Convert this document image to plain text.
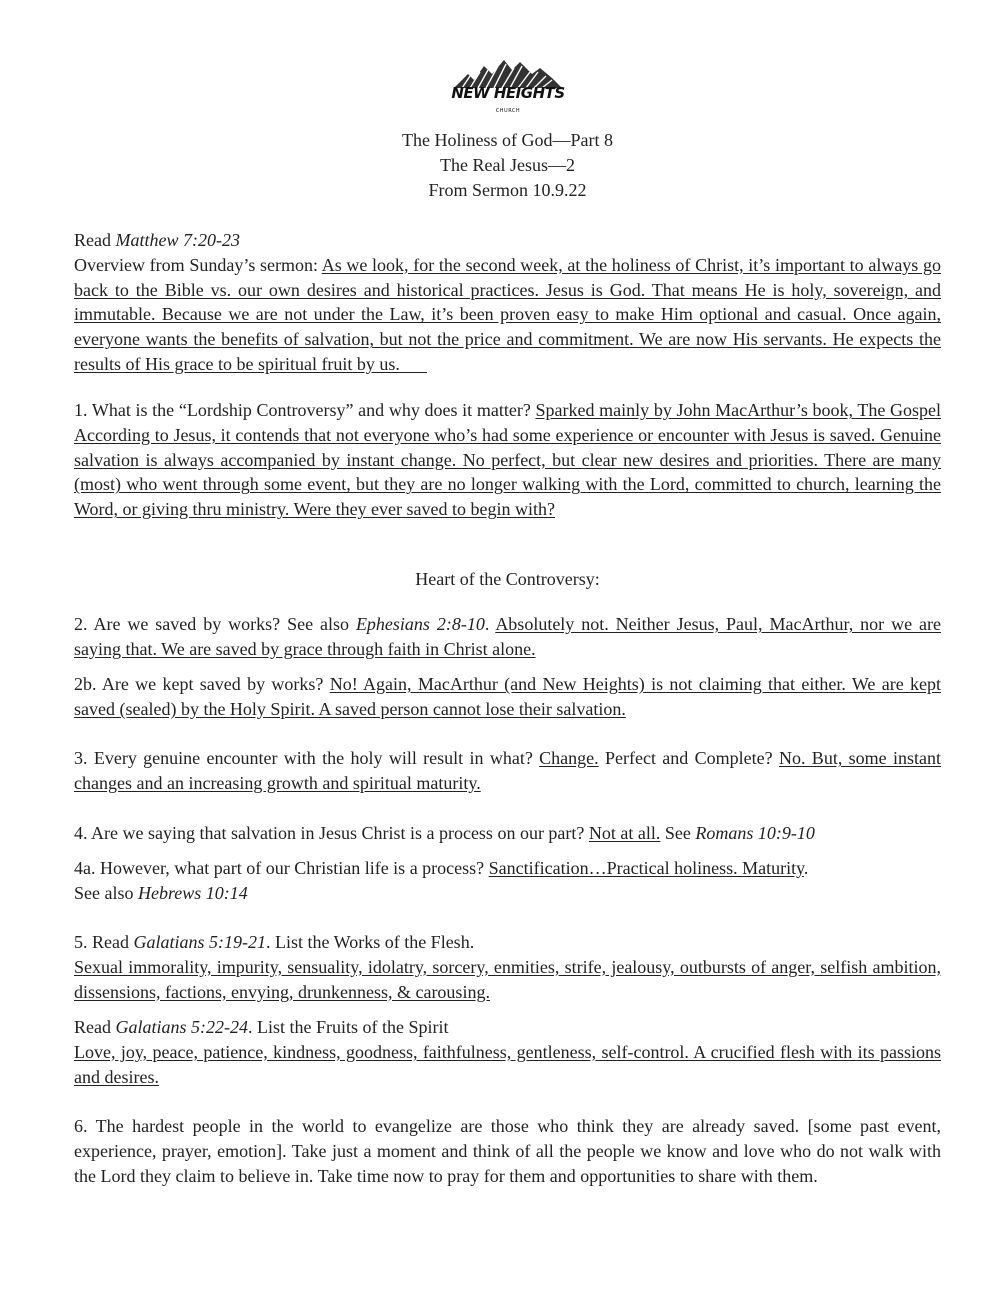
NEW HEIGHTS
CHURCH
The Holiness of God—Part 8
The Real Jesus—2
From Sermon 10.9.22

Read Matthew 7:20-23

Overview from Sunday’s sermon: As we look, for the second week, at the holiness of Christ, it’s important to always go back to the Bible vs. our own desires and historical practices. Jesus is God. That means He is holy, sovereign, and immutable. Because we are not under the Law, it’s been proven easy to make Him optional and casual. Once again, everyone wants the benefits of salvation, but not the price and commitment. We are now His servants. He expects the results of His grace to be spiritual fruit by us.

1. What is the “Lordship Controversy” and why does it matter? Sparked mainly by John MacArthur’s book, The Gospel According to Jesus, it contends that not everyone who’s had some experience or encounter with Jesus is saved. Genuine salvation is always accompanied by instant change. No perfect, but clear new desires and priorities. There are many (most) who went through some event, but they are no longer walking with the Lord, committed to church, learning the Word, or giving thru ministry. Were they ever saved to begin with?

Heart of the Controversy:

2. Are we saved by works? See also Ephesians 2:8-10. Absolutely not. Neither Jesus, Paul, MacArthur, nor we are saying that. We are saved by grace through faith in Christ alone.

2b. Are we kept saved by works? No! Again, MacArthur (and New Heights) is not claiming that either. We are kept saved (sealed) by the Holy Spirit. A saved person cannot lose their salvation.

3. Every genuine encounter with the holy will result in what? Change. Perfect and Complete? No. But, some instant changes and an increasing growth and spiritual maturity.

4. Are we saying that salvation in Jesus Christ is a process on our part? Not at all. See Romans 10:9-10

4a. However, what part of our Christian life is a process? Sanctification…Practical holiness. Maturity.

See also Hebrews 10:14

5. Read Galatians 5:19-21. List the Works of the Flesh.

Sexual immorality, impurity, sensuality, idolatry, sorcery, enmities, strife, jealousy, outbursts of anger, selfish ambition, dissensions, factions, envying, drunkenness, & carousing.

Read Galatians 5:22-24. List the Fruits of the Spirit

Love, joy, peace, patience, kindness, goodness, faithfulness, gentleness, self-control. A crucified flesh with its passions and desires.

6. The hardest people in the world to evangelize are those who think they are already saved. [some past event, experience, prayer, emotion]. Take just a moment and think of all the people we know and love who do not walk with the Lord they claim to believe in. Take time now to pray for them and opportunities to share with them.
